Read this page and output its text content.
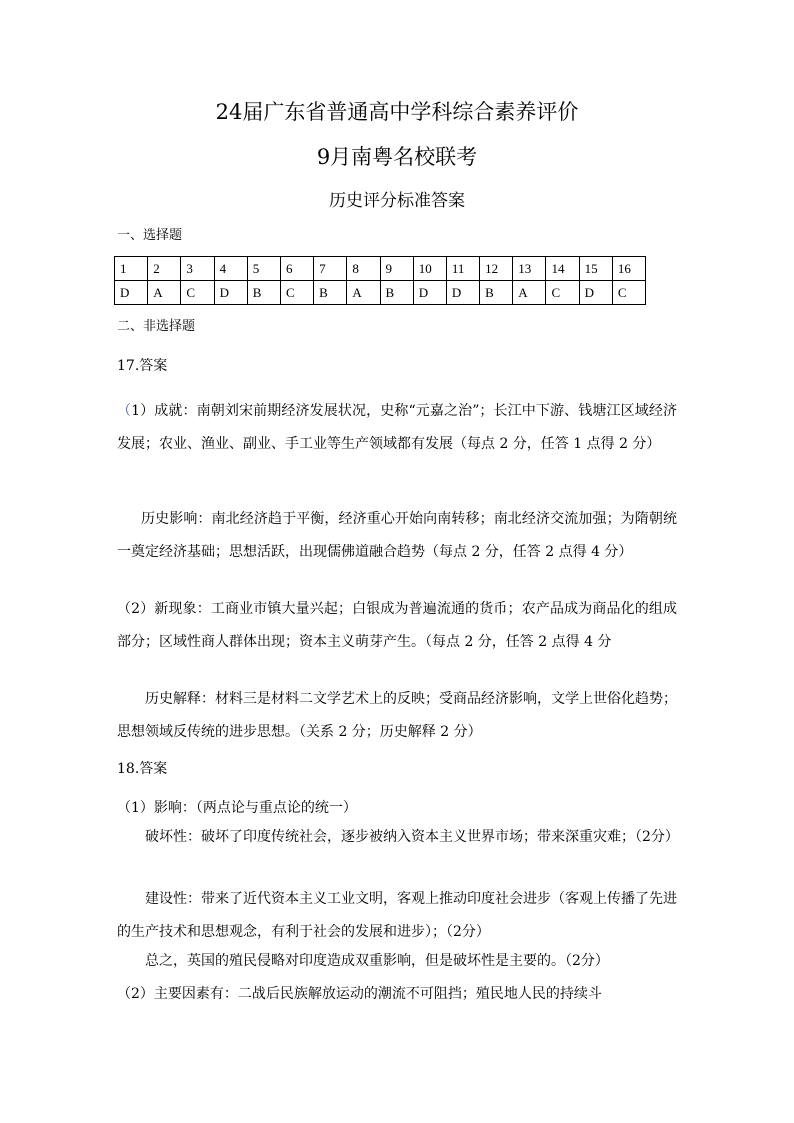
24届广东省普通高中学科综合素养评价
9月南粤名校联考
历史评分标准答案
一、选择题
1	2	3	4	5	6	7	8	9	10	11	12	13	14	15	16
D	A	C	D	B	C	B	A	B	D	D	B	A	C	D	C
二、非选择题
17.答案

（1）成就：南朝刘宋前期经济发展状况，史称“元嘉之治”；长江中下游、钱塘江区域经济发展；农业、渔业、副业、手工业等生产领域都有发展（每点 2 分，任答 1 点得 2 分）

历史影响：南北经济趋于平衡，经济重心开始向南转移；南北经济交流加强；为隋朝统一奠定经济基础；思想活跃，出现儒佛道融合趋势（每点 2 分，任答 2 点得 4 分）

（2）新现象：工商业市镇大量兴起；白银成为普遍流通的货币；农产品成为商品化的组成部分；区域性商人群体出现；资本主义萌芽产生。（每点 2 分，任答 2 点得 4 分

历史解释：材料三是材料二文学艺术上的反映；受商品经济影响，文学上世俗化趋势；思想领域反传统的进步思想。（关系 2 分；历史解释 2 分）

18.答案

（1）影响：（两点论与重点论的统一）

破坏性：破坏了印度传统社会，逐步被纳入资本主义世界市场；带来深重灾难；（2分）

建设性：带来了近代资本主义工业文明，客观上推动印度社会进步（客观上传播了先进的生产技术和思想观念，有利于社会的发展和进步）；（2分）

总之，英国的殖民侵略对印度造成双重影响，但是破坏性是主要的。（2分）

（2）主要因素有：二战后民族解放运动的潮流不可阻挡；殖民地人民的持续斗
